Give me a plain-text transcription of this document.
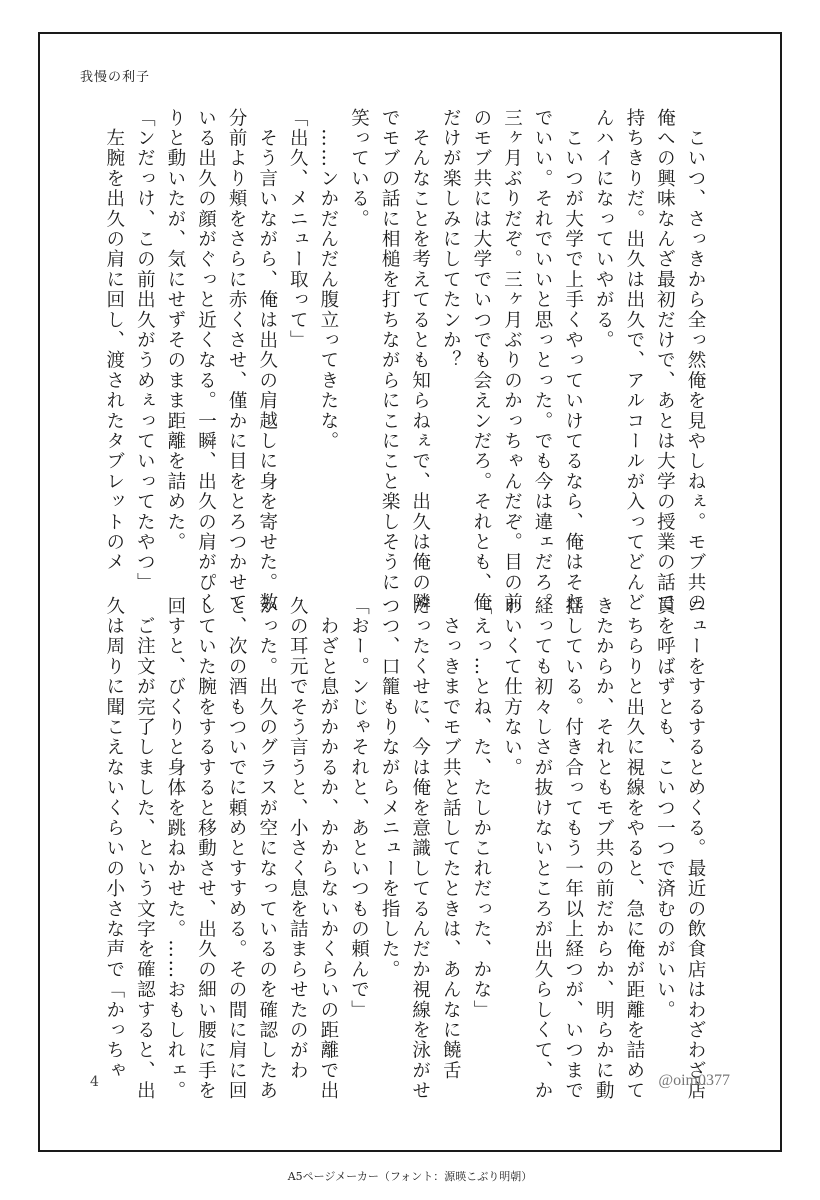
我慢の利子
　こいつ、さっきから全っ然俺を見やしねぇ。モブ共の
俺への興味なんざ最初だけで、あとは大学の授業の話で
持ちきりだ。出久は出久で、アルコールが入ってどんど
んハイになっていやがる。
　こいつが大学で上手くやっていけてるなら、俺はそれ
でいい。それでいいと思っとった。でも今は違ェだろ。
三ヶ月ぶりだぞ。三ヶ月ぶりのかっちゃんだぞ。目の前
のモブ共には大学でいつでも会えンだろ。それとも、俺
だけが楽しみにしてたンか？
　そんなことを考えてるとも知らねぇで、出久は俺の隣
でモブの話に相槌を打ちながらにこにこと楽しそうに
笑っている。
　……ンかだんだん腹立ってきたな。
「出久、メニュー取って」
　そう言いながら、俺は出久の肩越しに身を寄せた。数
分前より頬をさらに赤くさせ、僅かに目をとろつかせて
いる出久の顔がぐっと近くなる。一瞬、出久の肩がぴく
りと動いたが、気にせずそのまま距離を詰めた。
「ンだっけ、この前出久がうめぇっていってたやつ」
　左腕を出久の肩に回し、渡されたタブレットのメ
ニューをするするとめくる。最近の飲食店はわざわざ店
員を呼ばずとも、こいつ一つで済むのがいい。
　ちらりと出久に視線をやると、急に俺が距離を詰めて
きたからか、それともモブ共の前だからか、明らかに動
揺している。付き合ってもう一年以上経つが、いつまで
経っても初々しさが抜けないところが出久らしくて、か
わいくて仕方ない。
「えっ…とね、た、たしかこれだった、かな」
　さっきまでモブ共と話してたときは、あんなに饒舌
だったくせに、今は俺を意識してるんだか視線を泳がせ
つつ、口籠もりながらメニューを指した。
「おー。ンじゃそれと、あといつもの頼んで」
　わざと息がかかるか、かからないかくらいの距離で出
久の耳元でそう言うと、小さく息を詰まらせたのがわ
かった。出久のグラスが空になっているのを確認したあ
と、次の酒もついでに頼めとすすめる。その間に肩に回
していた腕をするすると移動させ、出久の細い腰に手を
回すと、びくりと身体を跳ねかせた。……おもしれェ。
　ご注文が完了しました、という文字を確認すると、出
久は周りに聞こえないくらいの小さな声で「かっちゃ
4	@oim0377
A5ページメーカー（フォント：源暎こぶり明朝）
